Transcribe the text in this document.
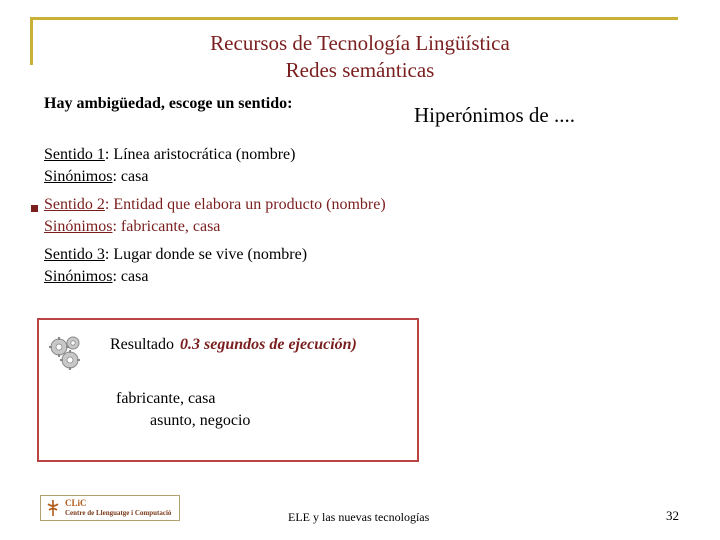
Recursos de Tecnología Lingüística
Redes semánticas
Hay ambigüedad, escoge un sentido:	Hiperónimos de ....
Sentido 1: Línea aristocrática (nombre)
Sinónimos: casa
Sentido 2: Entidad que elabora un producto (nombre)
Sinónimos: fabricante, casa
Sentido 3: Lugar donde se vive (nombre)
Sinónimos: casa
Resultado 0.3 segundos de ejecución)
fabricante, casa
asunto, negocio
CLiC
Centre de Llenguatge i Computació	ELE y las nuevas tecnologías	32
